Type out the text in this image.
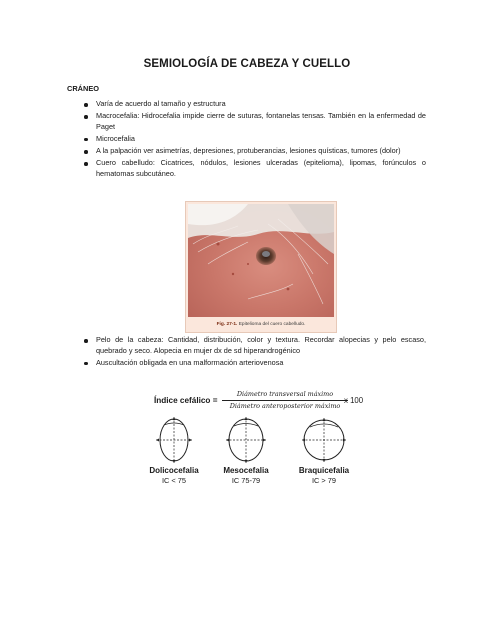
SEMIOLOGÍA DE CABEZA Y CUELLO
CRÁNEO
Varía de acuerdo al tamaño y estructura
Macrocefalia: Hidrocefalia impide cierre de suturas, fontanelas tensas. También en la enfermedad de Paget
Microcefalia
A la palpación ver asimetrías, depresiones, protuberancias, lesiones quísticas, tumores (dolor)
Cuero cabelludo: Cicatrices, nódulos, lesiones ulceradas (epitelioma), lipomas, forúnculos o hematomas subcutáneo.
Fig. 27-1. Epitelioma del cuero cabelludo.
Pelo de la cabeza: Cantidad, distribución, color y textura. Recordar alopecias y pelo escaso, quebrado y seco. Alopecia en mujer dx de sd hiperandrogénico
Auscultación obligada en una malformación arteriovenosa
Índice cefálico =
Diámetro transversal máximo
Diámetro anteroposterior máximo
x 100
Dolicocefalia
IC < 75
Mesocefalia
IC 75-79
Braquicefalia
IC > 79
